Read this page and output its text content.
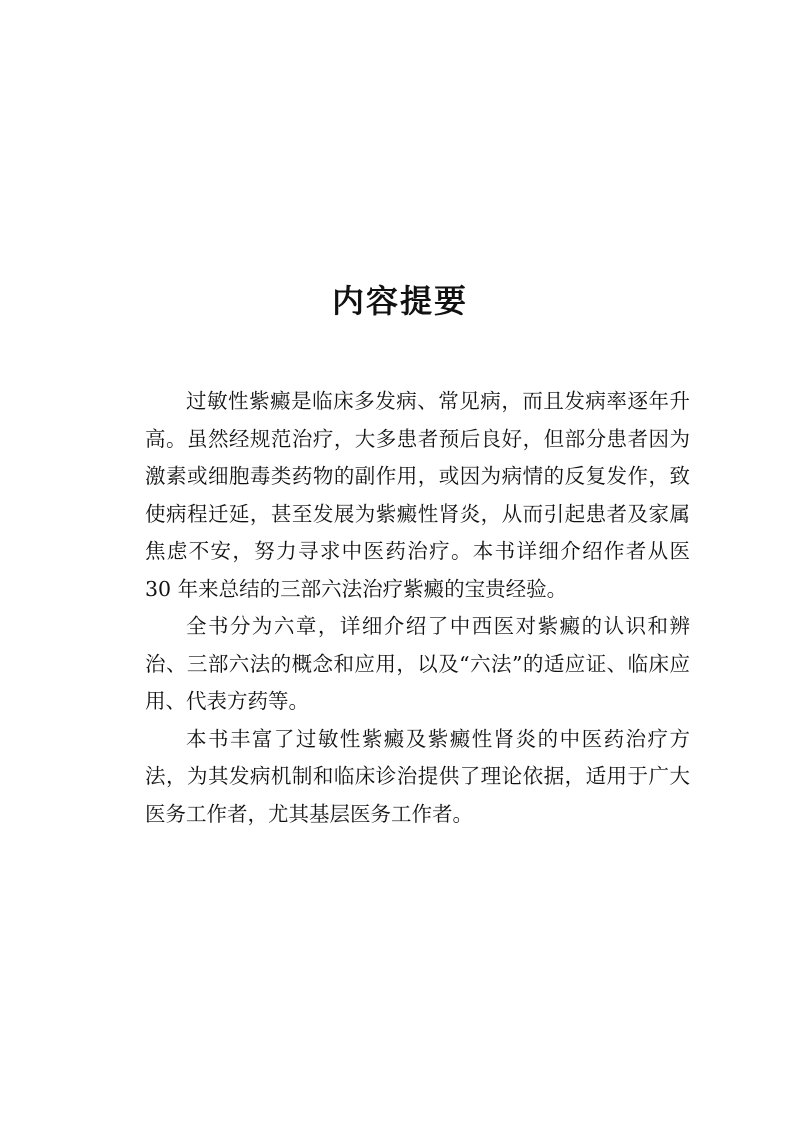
内容提要

过敏性紫癜是临床多发病、常见病，而且发病率逐年升高。虽然经规范治疗，大多患者预后良好，但部分患者因为激素或细胞毒类药物的副作用，或因为病情的反复发作，致使病程迁延，甚至发展为紫癜性肾炎，从而引起患者及家属焦虑不安，努力寻求中医药治疗。本书详细介绍作者从医 30 年来总结的三部六法治疗紫癜的宝贵经验。

全书分为六章，详细介绍了中西医对紫癜的认识和辨治、三部六法的概念和应用，以及“六法”的适应证、临床应用、代表方药等。

本书丰富了过敏性紫癜及紫癜性肾炎的中医药治疗方法，为其发病机制和临床诊治提供了理论依据，适用于广大医务工作者，尤其基层医务工作者。
